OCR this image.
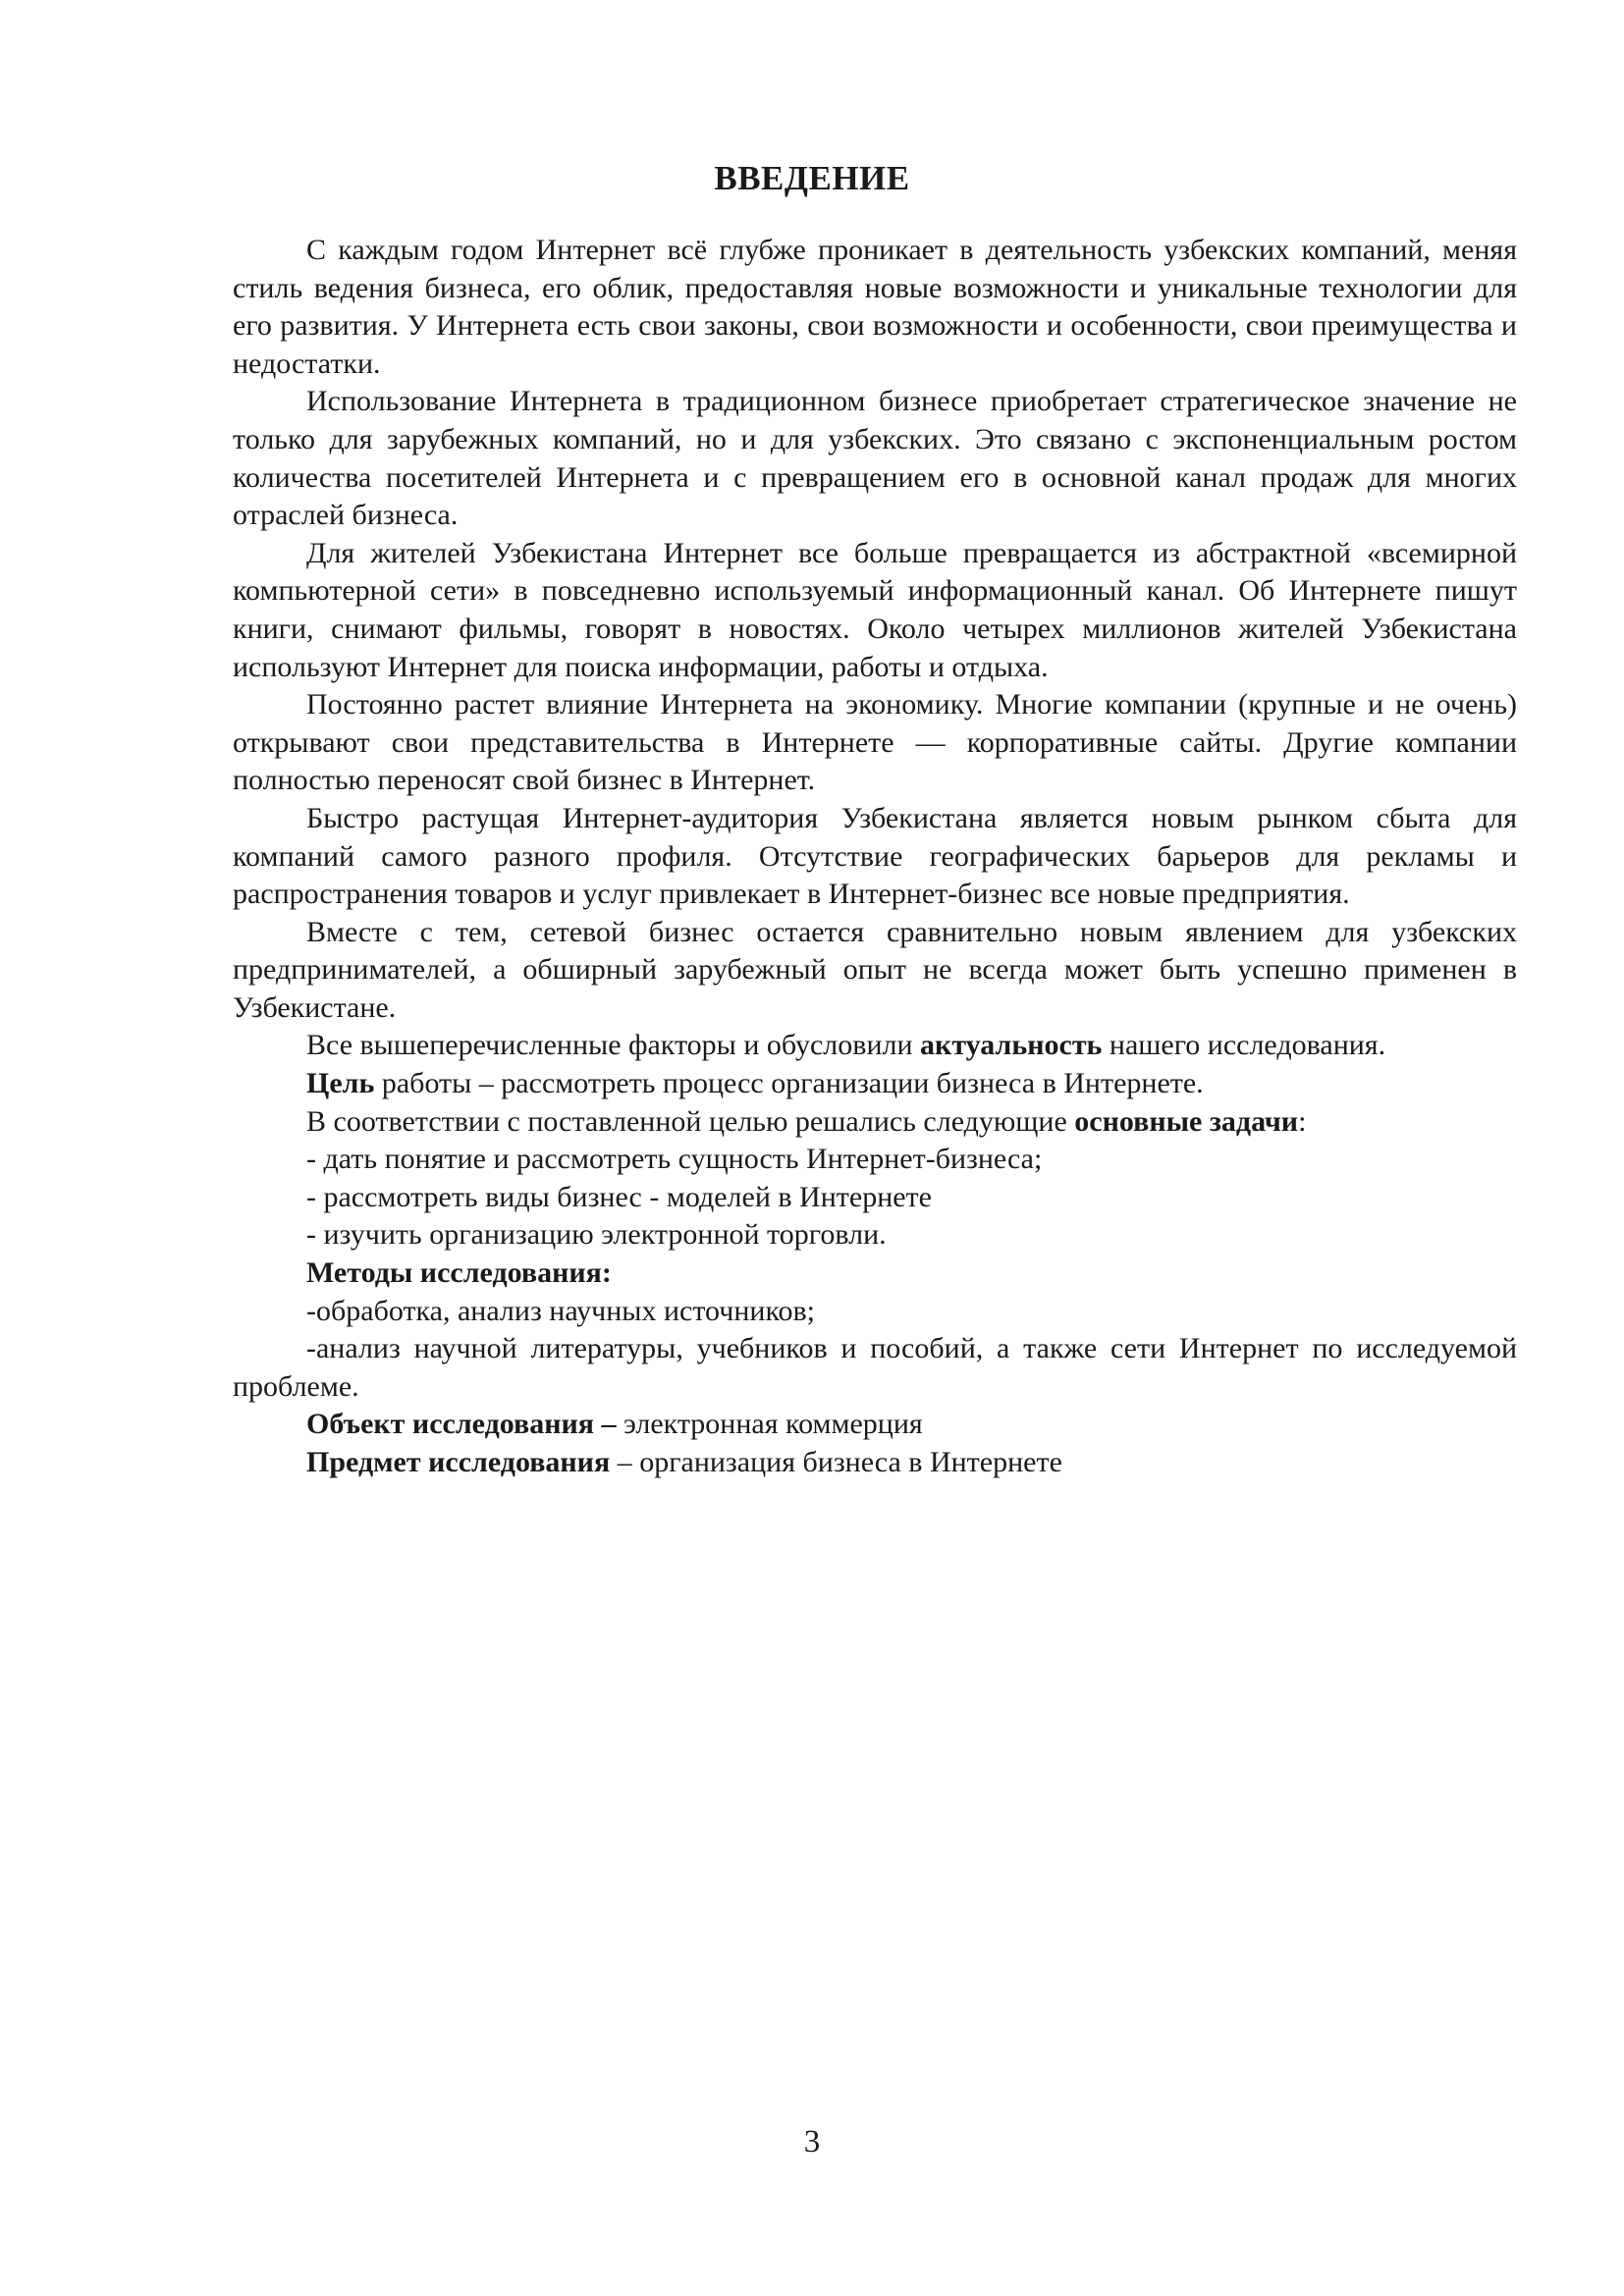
ВВЕДЕНИЕ

С каждым годом Интернет всё глубже проникает в деятельность узбекских компаний, меняя стиль ведения бизнеса, его облик, предоставляя новые возможности и уникальные технологии для его развития. У Интернета есть свои законы, свои возможности и особенности, свои преимущества и недостатки.

Использование Интернета в традиционном бизнесе приобретает стратегическое значение не только для зарубежных компаний, но и для узбекских. Это связано с экспоненциальным ростом количества посетителей Интернета и с превращением его в основной канал продаж для многих отраслей бизнеса.

Для жителей Узбекистана Интернет все больше превращается из абстрактной «всемирной компьютерной сети» в повседневно используемый информационный канал. Об Интернете пишут книги, снимают фильмы, говорят в новостях. Около четырех миллионов жителей Узбекистана используют Интернет для поиска информации, работы и отдыха.

Постоянно растет влияние Интернета на экономику. Многие компании (крупные и не очень) открывают свои представительства в Интернете — корпоративные сайты. Другие компании полностью переносят свой бизнес в Интернет.

Быстро растущая Интернет-аудитория Узбекистана является новым рынком сбыта для компаний самого разного профиля. Отсутствие географических барьеров для рекламы и распространения товаров и услуг привлекает в Интернет-бизнес все новые предприятия.

Вместе с тем, сетевой бизнес остается сравнительно новым явлением для узбекских предпринимателей, а обширный зарубежный опыт не всегда может быть успешно применен в Узбекистане.

Все вышеперечисленные факторы и обусловили актуальность нашего исследования.

Цель работы – рассмотреть процесс организации бизнеса в Интернете.

В соответствии с поставленной целью решались следующие основные задачи:

- дать понятие и рассмотреть сущность Интернет-бизнеса;

- рассмотреть виды бизнес - моделей в Интернете

- изучить организацию электронной торговли.

Методы исследования:

-обработка, анализ научных источников;

-анализ научной литературы, учебников и пособий, а также сети Интернет по исследуемой проблеме.

Объект исследования – электронная коммерция

Предмет исследования – организация бизнеса в Интернете

3
